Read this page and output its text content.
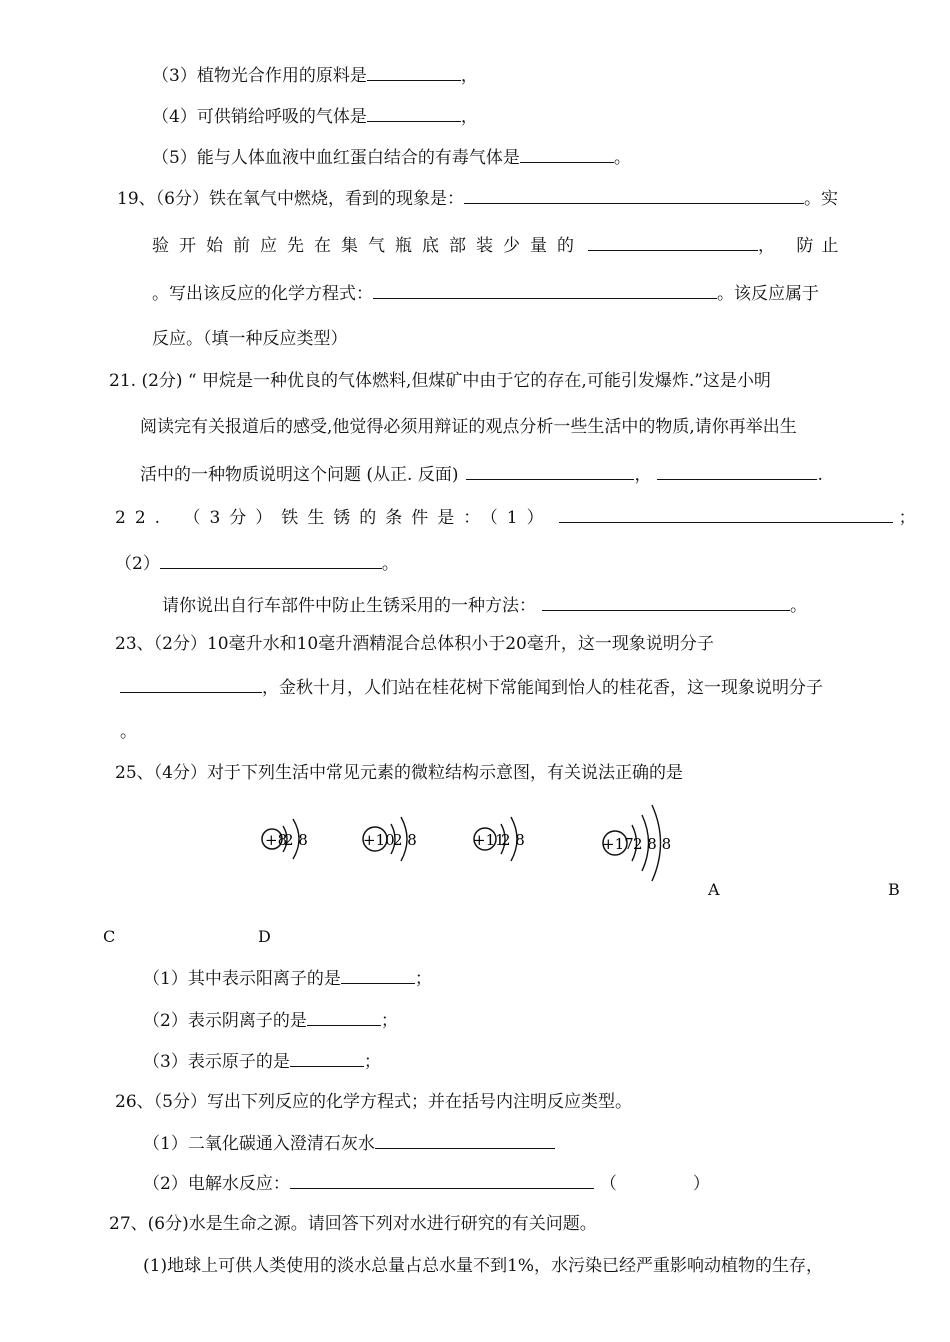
（3）植物光合作用的原料是	，
（4）可供销给呼吸的气体是	，
（5）能与人体血液中血红蛋白结合的有毒气体是	。
19、（6分）铁在氧气中燃烧，看到的现象是：	。实
验开始前应先在集气瓶底部装少量的	， 防止
。写出该反应的化学方程式：	。该反应属于
反应。（填一种反应类型）
21. (2分) “ 甲烷是一种优良的气体燃料,但煤矿中由于它的存在,可能引发爆炸.”这是小明
阅读完有关报道后的感受,他觉得必须用辩证的观点分析一些生活中的物质,请你再举出生
活中的一种物质说明这个问题 (从正. 反面)	，	.
22. （3分）铁生锈的条件是：（1）	；
（2）	。
请你说出自行车部件中防止生锈采用的一种方法：	。
23、（2分）10毫升水和10毫升酒精混合总体积小于20毫升，这一现象说明分子
，金秋十月，人们站在桂花树下常能闻到怡人的桂花香，这一现象说明分子
。
25、（4分）对于下列生活中常见元素的微粒结构示意图，有关说法正确的是
+8
2 8	+10
2 8	+11
2 8	+17 2 8 8
A	B
C	D
（1）其中表示阳离子的是	；
（2）表示阴离子的是	；
（3）表示原子的是	；
26、（5分）写出下列反应的化学方程式；并在括号内注明反应类型。
（1）二氧化碳通入澄清石灰水
（2）电解水反应：	（	）
27、(6分)水是生命之源。请回答下列对水进行研究的有关问题。
(1)地球上可供人类使用的淡水总量占总水量不到1%，水污染已经严重影响动植物的生存，
